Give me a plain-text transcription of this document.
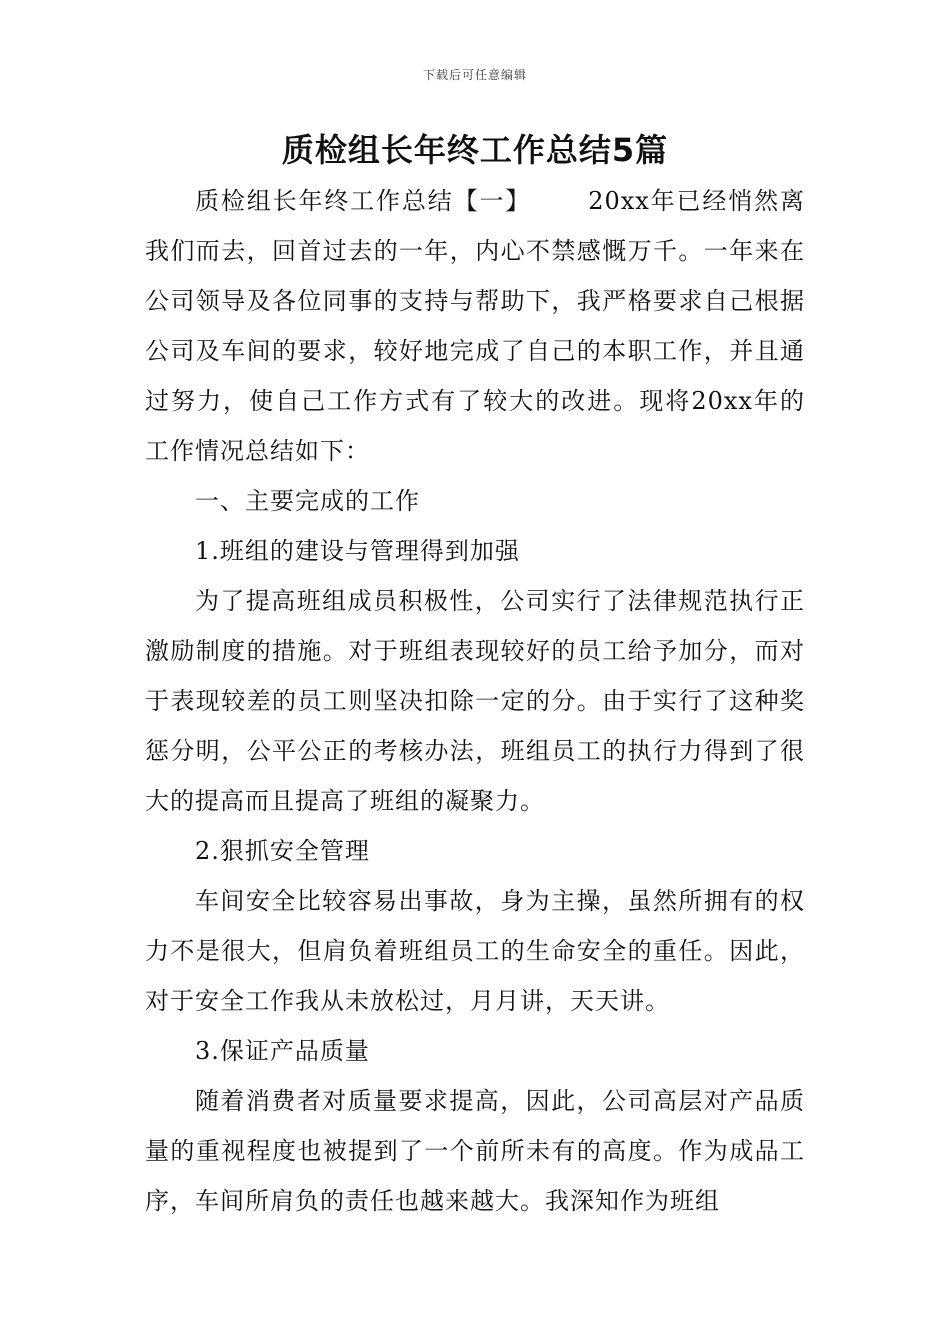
下载后可任意编辑
质检组长年终工作总结5篇

质检组长年终工作总结【一】      20xx年已经悄然离我们而去，回首过去的一年，内心不禁感慨万千。一年来在公司领导及各位同事的支持与帮助下，我严格要求自己根据公司及车间的要求，较好地完成了自己的本职工作，并且通过努力，使自己工作方式有了较大的改进。现将20xx年的工作情况总结如下：

一、主要完成的工作

1.班组的建设与管理得到加强

为了提高班组成员积极性，公司实行了法律规范执行正激励制度的措施。对于班组表现较好的员工给予加分，而对于表现较差的员工则坚决扣除一定的分。由于实行了这种奖惩分明，公平公正的考核办法，班组员工的执行力得到了很大的提高而且提高了班组的凝聚力。

2.狠抓安全管理

车间安全比较容易出事故，身为主操，虽然所拥有的权力不是很大，但肩负着班组员工的生命安全的重任。因此，对于安全工作我从未放松过，月月讲，天天讲。

3.保证产品质量

随着消费者对质量要求提高，因此，公司高层对产品质量的重视程度也被提到了一个前所未有的高度。作为成品工序，车间所肩负的责任也越来越大。我深知作为班组
